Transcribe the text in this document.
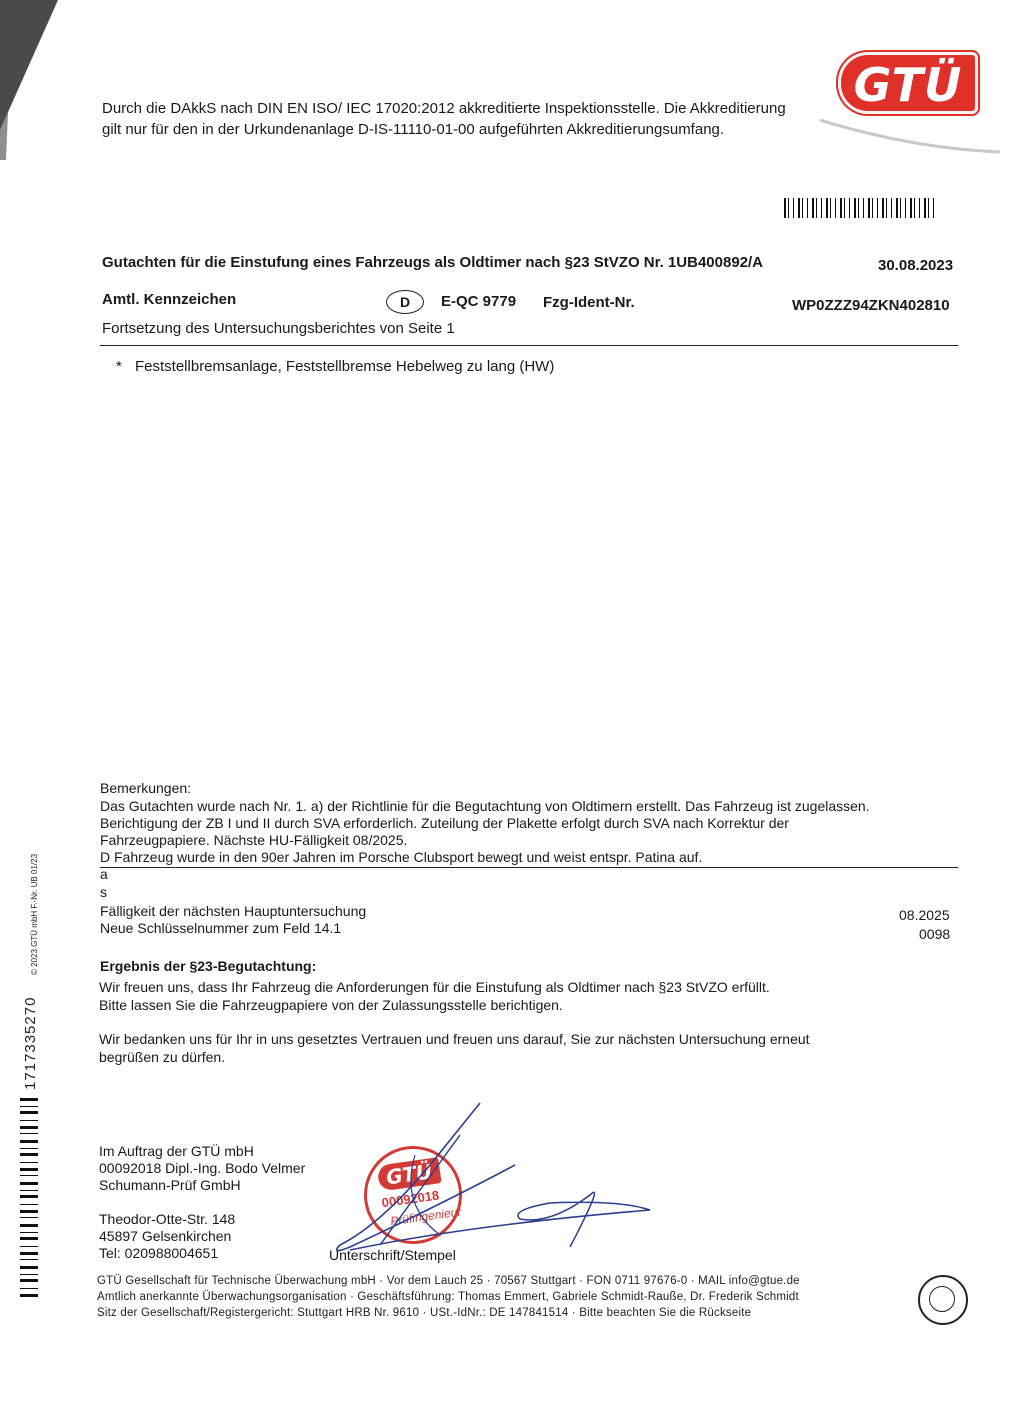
Durch die DAkkS nach DIN EN ISO/ IEC 17020:2012 akkreditierte Inspektionsstelle. Die Akkreditierung
gilt nur für den in der Urkundenanlage D-IS-11110-01-00 aufgeführten Akkreditierungsumfang.
GTÜ
Gutachten für die Einstufung eines Fahrzeugs als Oldtimer nach §23 StVZO Nr. 1UB400892/A	30.08.2023
Amtl. Kennzeichen	D	E-QC 9779 Fzg-Ident-Nr.	WP0ZZZ94ZKN402810
Fortsetzung des Untersuchungsberichtes von Seite 1
* Feststellbremsanlage, Feststellbremse Hebelweg zu lang (HW)
Bemerkungen:
Das Gutachten wurde nach Nr. 1. a) der Richtlinie für die Begutachtung von Oldtimern erstellt. Das Fahrzeug ist zugelassen.
Berichtigung der ZB I und II durch SVA erforderlich. Zuteilung der Plakette erfolgt durch SVA nach Korrektur der
Fahrzeugpapiere. Nächste HU-Fälligkeit 08/2025.
D Fahrzeug wurde in den 90er Jahren im Porsche Clubsport bewegt und weist entspr. Patina auf.
a
s
Fälligkeit der nächsten Hauptuntersuchung	08.2025
Neue Schlüsselnummer zum Feld 14.1	0098
Ergebnis der §23-Begutachtung:
Wir freuen uns, dass Ihr Fahrzeug die Anforderungen für die Einstufung als Oldtimer nach §23 StVZO erfüllt.
Bitte lassen Sie die Fahrzeugpapiere von der Zulassungsstelle berichtigen.
Wir bedanken uns für Ihr in uns gesetztes Vertrauen und freuen uns darauf, Sie zur nächsten Untersuchung erneut
begrüßen zu dürfen.
Im Auftrag der GTÜ mbH
00092018 Dipl.-Ing. Bodo Velmer
Schumann-Prüf GmbH
Theodor-Otte-Str. 148
45897 Gelsenkirchen
Tel: 020988004651
GTÜ
00092018
Prüfingenieur
Unterschrift/Stempel
GTÜ Gesellschaft für Technische Überwachung mbH · Vor dem Lauch 25 · 70567 Stuttgart · FON 0711 97676-0 · MAIL info@gtue.de
Amtlich anerkannte Überwachungsorganisation · Geschäftsführung: Thomas Emmert, Gabriele Schmidt-Rauße, Dr. Frederik Schmidt
Sitz der Gesellschaft/Registergericht: Stuttgart HRB Nr. 9610 · USt.-IdNr.: DE 147841514 · Bitte beachten Sie die Rückseite
© 2023 GTÜ mbH F.-Nr. UB 01/23
1717335270
